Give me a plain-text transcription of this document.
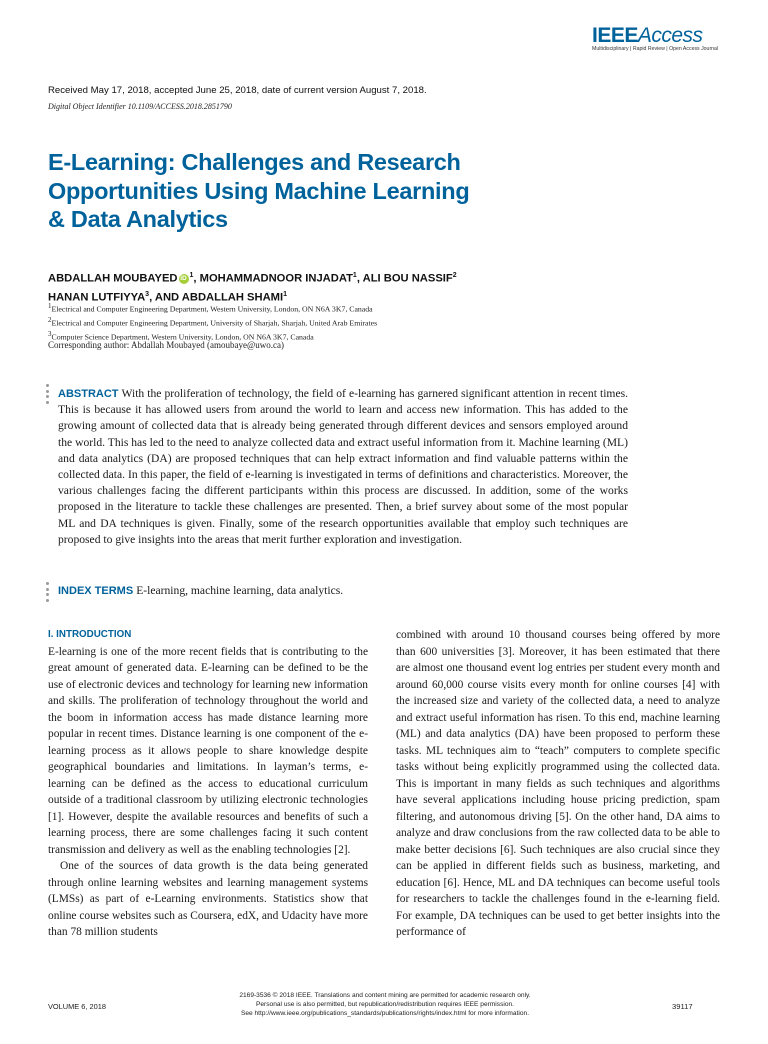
IEEEAccess
Multidisciplinary | Rapid Review | Open Access Journal
Received May 17, 2018, accepted June 25, 2018, date of current version August 7, 2018.
Digital Object Identifier 10.1109/ACCESS.2018.2851790
E-Learning: Challenges and Research Opportunities Using Machine Learning & Data Analytics
ABDALLAH MOUBAYED iD $^1$, MOHAMMADNOOR INJADAT$^1$, ALI BOU NASSIF$^2$
HANAN LUTFIYYA$^3$, AND ABDALLAH SHAMI$^1$
$^1$Electrical and Computer Engineering Department, Western University, London, ON N6A 3K7, Canada
$^2$Electrical and Computer Engineering Department, University of Sharjah, Sharjah, United Arab Emirates
$^3$Computer Science Department, Western University, London, ON N6A 3K7, Canada
Corresponding author: Abdallah Moubayed (amoubaye@uwo.ca)
ABSTRACT With the proliferation of technology, the field of e-learning has garnered significant attention in recent times. This is because it has allowed users from around the world to learn and access new information. This has added to the growing amount of collected data that is already being generated through different devices and sensors employed around the world. This has led to the need to analyze collected data and extract useful information from it. Machine learning (ML) and data analytics (DA) are proposed techniques that can help extract information and find valuable patterns within the collected data. In this paper, the field of e-learning is investigated in terms of definitions and characteristics. Moreover, the various challenges facing the different participants within this process are discussed. In addition, some of the works proposed in the literature to tackle these challenges are presented. Then, a brief survey about some of the most popular ML and DA techniques is given. Finally, some of the research opportunities available that employ such techniques are proposed to give insights into the areas that merit further exploration and investigation.
INDEX TERMS E-learning, machine learning, data analytics.
I. INTRODUCTION
E-learning is one of the more recent fields that is contributing to the great amount of generated data. E-learning can be defined to be the use of electronic devices and technology for learning new information and skills. The proliferation of technology throughout the world and the boom in information access has made distance learning more popular in recent times. Distance learning is one component of the e-learning process as it allows people to share knowledge despite geographical boundaries and limitations. In layman’s terms, e-learning can be defined as the access to educational curriculum outside of a traditional classroom by utilizing electronic technologies [1]. However, despite the available resources and benefits of such a learning process, there are some challenges facing it such content transmission and delivery as well as the enabling technologies [2].
One of the sources of data growth is the data being generated through online learning websites and learning management systems (LMSs) as part of e-Learning environments. Statistics show that online course websites such as Coursera, edX, and Udacity have more than 78 million students
combined with around 10 thousand courses being offered by more than 600 universities [3]. Moreover, it has been estimated that there are almost one thousand event log entries per student every month and around 60,000 course visits every month for online courses [4] with the increased size and variety of the collected data, a need to analyze and extract useful information has risen. To this end, machine learning (ML) and data analytics (DA) have been proposed to perform these tasks. ML techniques aim to “teach” computers to complete specific tasks without being explicitly programmed using the collected data. This is important in many fields as such techniques and algorithms have several applications including house pricing prediction, spam filtering, and autonomous driving [5]. On the other hand, DA aims to analyze and draw conclusions from the raw collected data to be able to make better decisions [6]. Such techniques are also crucial since they can be applied in different fields such as business, marketing, and education [6]. Hence, ML and DA techniques can become useful tools for researchers to tackle the challenges found in the e-learning field. For example, DA techniques can be used to get better insights into the performance of
VOLUME 6, 2018
2169-3536 © 2018 IEEE. Translations and content mining are permitted for academic research only.
Personal use is also permitted, but republication/redistribution requires IEEE permission.
See http://www.ieee.org/publications_standards/publications/rights/index.html for more information.
39117
